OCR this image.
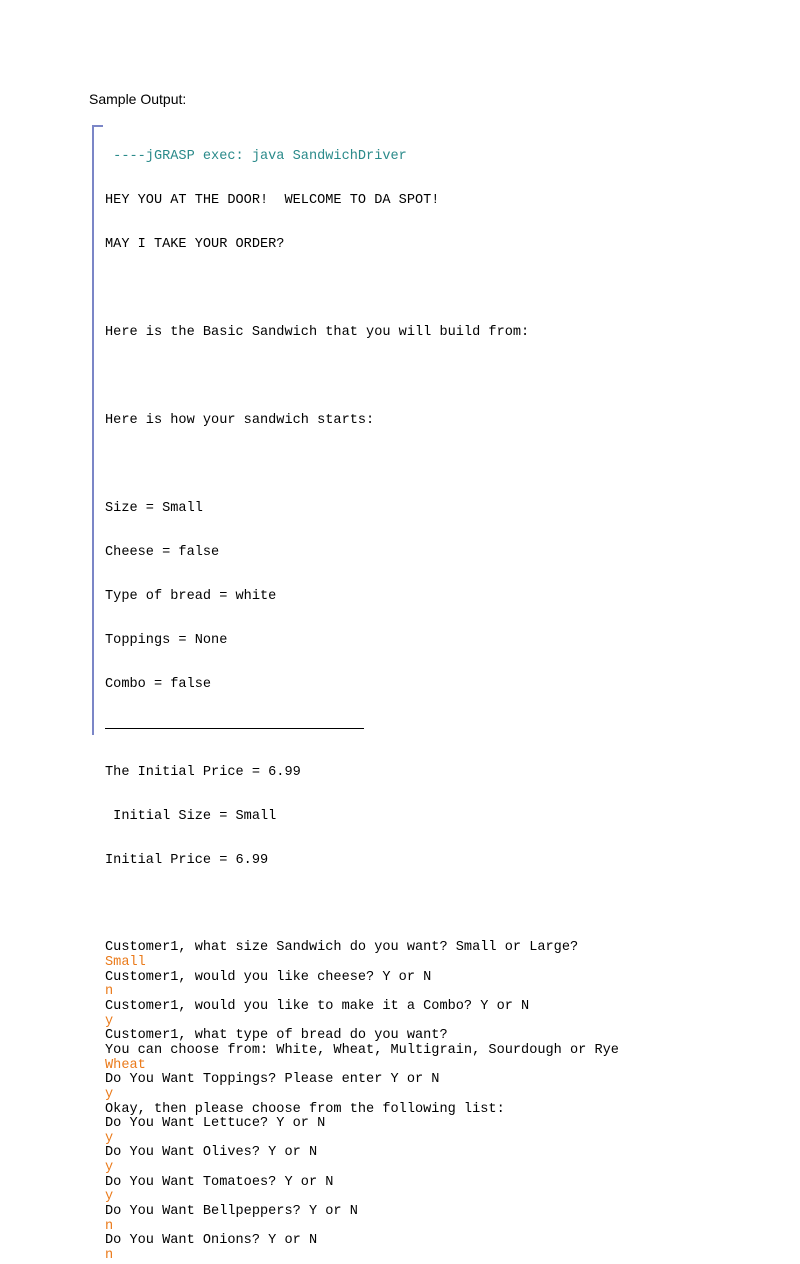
Sample Output:

----jGRASP exec: java SandwichDriver

HEY YOU AT THE DOOR!  WELCOME TO DA SPOT!

MAY I TAKE YOUR ORDER?

Here is the Basic Sandwich that you will build from:

Here is how your sandwich starts:

Size = Small

Cheese = false

Type of bread = white

Toppings = None

Combo = false

The Initial Price = 6.99

Initial Size = Small

Initial Price = 6.99

Customer1, what size Sandwich do you want? Small or Large?
Small
Customer1, would you like cheese? Y or N
n
Customer1, would you like to make it a Combo? Y or N
y
Customer1, what type of bread do you want?
You can choose from: White, Wheat, Multigrain, Sourdough or Rye
Wheat
Do You Want Toppings? Please enter Y or N
y
Okay, then please choose from the following list:
Do You Want Lettuce? Y or N
y
Do You Want Olives? Y or N
y
Do You Want Tomatoes? Y or N
y
Do You Want Bellpeppers? Y or N
n
Do You Want Onions? Y or N
n
